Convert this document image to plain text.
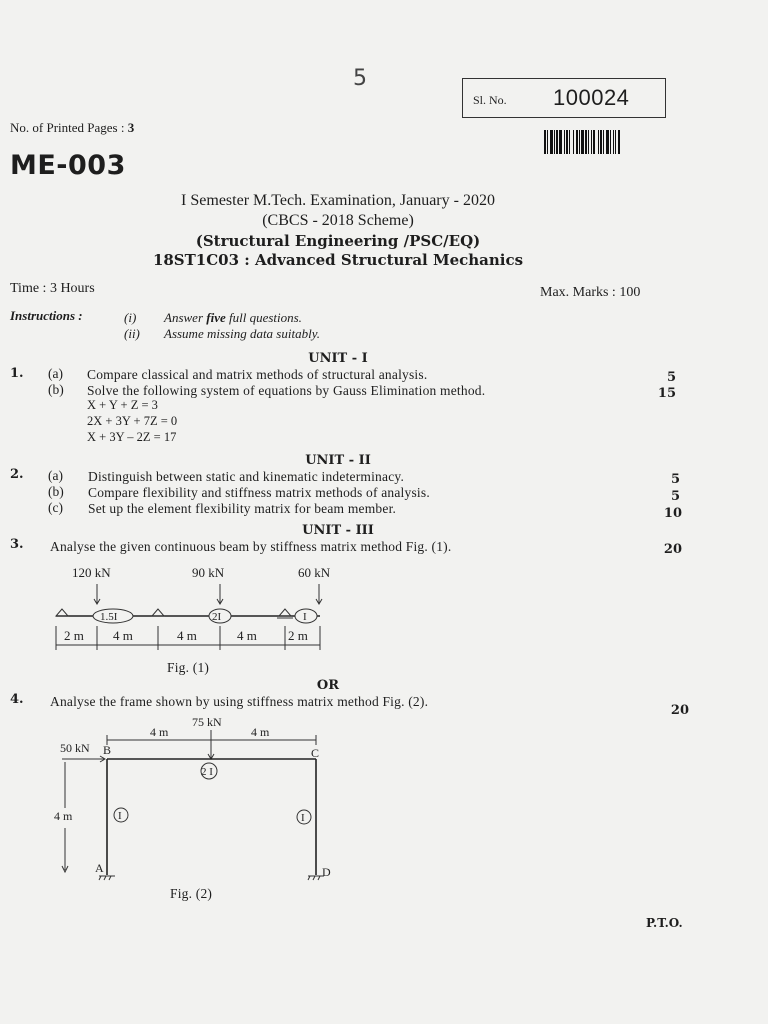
5
Sl. No. 100024
No. of Printed Pages : 3
ME-003
I Semester M.Tech. Examination, January - 2020
(CBCS - 2018 Scheme)
(Structural Engineering /PSC/EQ)
18ST1C03 : Advanced Structural Mechanics
Time : 3 Hours	Max. Marks : 100
Instructions :	(i) Answer five full questions.
(ii) Assume missing data suitably.
UNIT - I
1. (a) Compare classical and matrix methods of structural analysis.	5
(b) Solve the following system of equations by Gauss Elimination method.	15
X + Y + Z = 3
2X + 3Y + 7Z = 0
X + 3Y – 2Z = 17
UNIT - II
2. (a) Distinguish between static and kinematic indeterminacy.	5
(b) Compare flexibility and stiffness matrix methods of analysis.	5
(c) Set up the element flexibility matrix for beam member.	10
UNIT - III
3. Analyse the given continuous beam by stiffness matrix method Fig. (1).	20
120 kN	90 kN	60 kN
1.5I	2I	I
2 m 4 m	4 m	4 m 2 m
Fig. (1)
OR
4. Analyse the frame shown by using stiffness matrix method Fig. (2).
20
4 m	4 m
75 kN
50 kN B	C
A	D
4 m
2 I
I	I
Fig. (2)
P.T.O.
